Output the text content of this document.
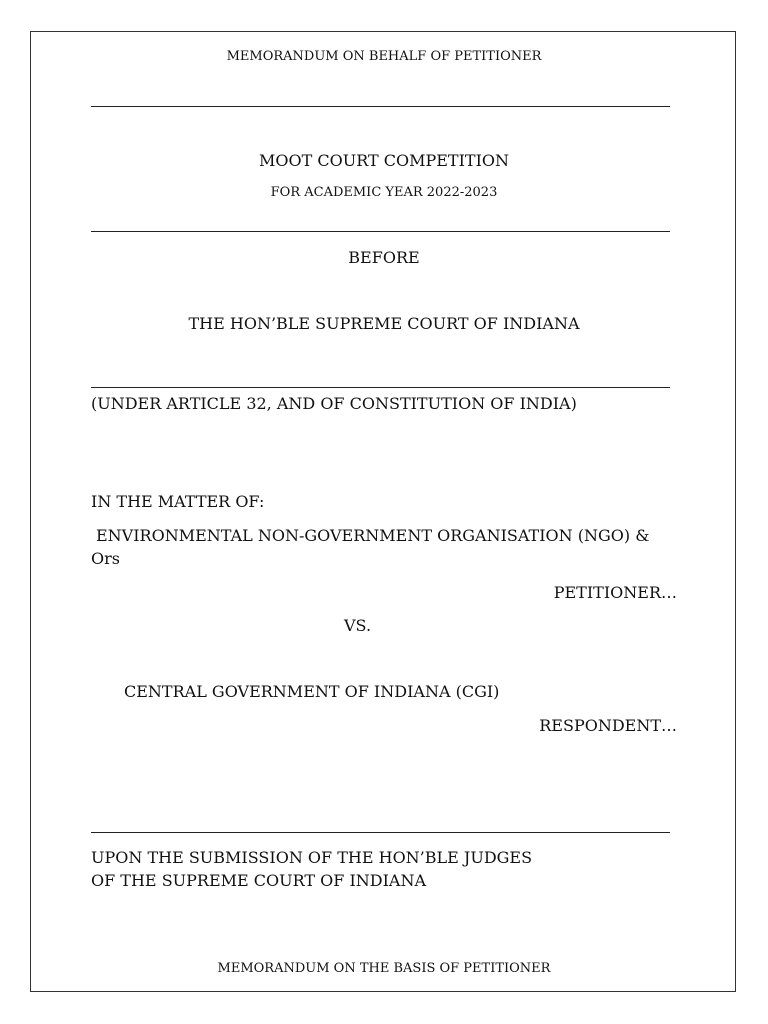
MEMORANDUM ON BEHALF OF PETITIONER
MOOT COURT COMPETITION
FOR ACADEMIC YEAR 2022-2023
BEFORE
THE HON’BLE SUPREME COURT OF INDIANA
(UNDER ARTICLE 32, AND OF CONSTITUTION OF INDIA)
IN THE MATTER OF:
ENVIRONMENTAL NON-GOVERNMENT ORGANISATION (NGO) & Ors
PETITIONER…
VS.
CENTRAL GOVERNMENT OF INDIANA (CGI)
RESPONDENT…
UPON THE SUBMISSION OF THE HON’BLE JUDGES
OF THE SUPREME COURT OF INDIANA
MEMORANDUM ON THE BASIS OF PETITIONER
